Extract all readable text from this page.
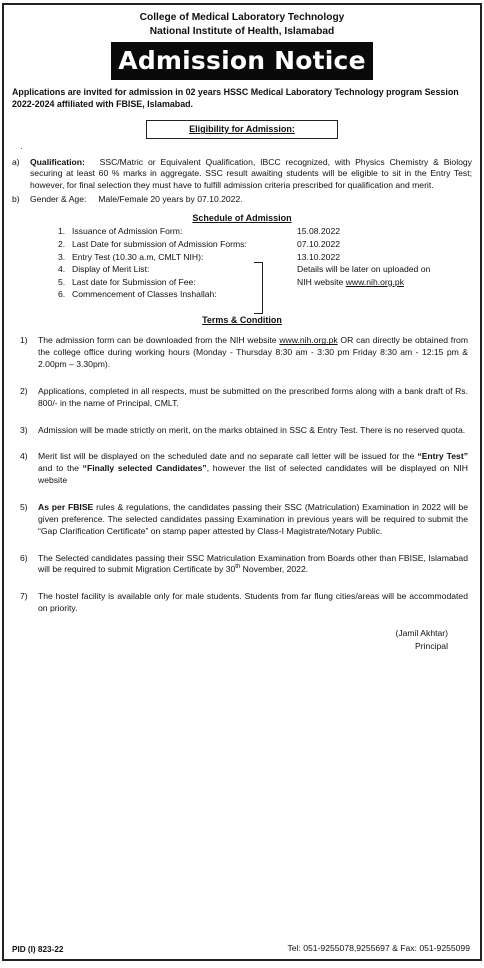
College of Medical Laboratory Technology
National Institute of Health, Islamabad
Admission Notice
Applications are invited for admission in 02 years HSSC Medical Laboratory Technology program Session 2022-2024 affiliated with FBISE, Islamabad.
Eligibility for Admission:
·
a)	Qualification: SSC/Matric or Equivalent Qualification, IBCC recognized, with Physics Chemistry & Biology securing at least 60 % marks in aggregate. SSC result awaiting students will be eligible to sit in the Entry Test; however, for final selection they must have to fulfill admission criteria prescribed for qualification and merit.
b)	Gender & Age: Male/Female 20 years by 07.10.2022.
Schedule of Admission
1. Issuance of Admission Form:	15.08.2022
2. Last Date for submission of Admission Forms:	07.10.2022
3. Entry Test (10.30 a.m, CMLT NIH):	13.10.2022
4. Display of Merit List:	Details will be later on uploaded on
5. Last date for Submission of Fee:	NIH website www.nih.org.pk
6. Commencement of Classes Inshallah:
Terms & Condition
1)	The admission form can be downloaded from the NIH website www.nih.org.pk OR can directly be obtained from the college office during working hours (Monday - Thursday 8:30 am - 3:30 pm Friday 8:30 am - 12:15 pm & 2.00pm – 3.30pm).
2)	Applications, completed in all respects, must be submitted on the prescribed forms along with a bank draft of Rs. 800/- in the name of Principal, CMLT.
3)	Admission will be made strictly on merit, on the marks obtained in SSC & Entry Test. There is no reserved quota.
4)	Merit list will be displayed on the scheduled date and no separate call letter will be issued for the “Entry Test” and to the “Finally selected Candidates”, however the list of selected candidates will be displayed on NIH website
5)	As per FBISE rules & regulations, the candidates passing their SSC (Matriculation) Examination in 2022 will be given preference. The selected candidates passing Examination in previous years will be required to submit the “Gap Clarification Certificate” on stamp paper attested by Class-I Magistrate/Notary Public.
6)	The Selected candidates passing their SSC Matriculation Examination from Boards other than FBISE, Islamabad will be required to submit Migration Certificate by 30th November, 2022.
7)	The hostel facility is available only for male students. Students from far flung cities/areas will be accommodated on priority.
(Jamil Akhtar)
Principal
PID (I) 823-22	Tel: 051-9255078,9255697 & Fax: 051-9255099
